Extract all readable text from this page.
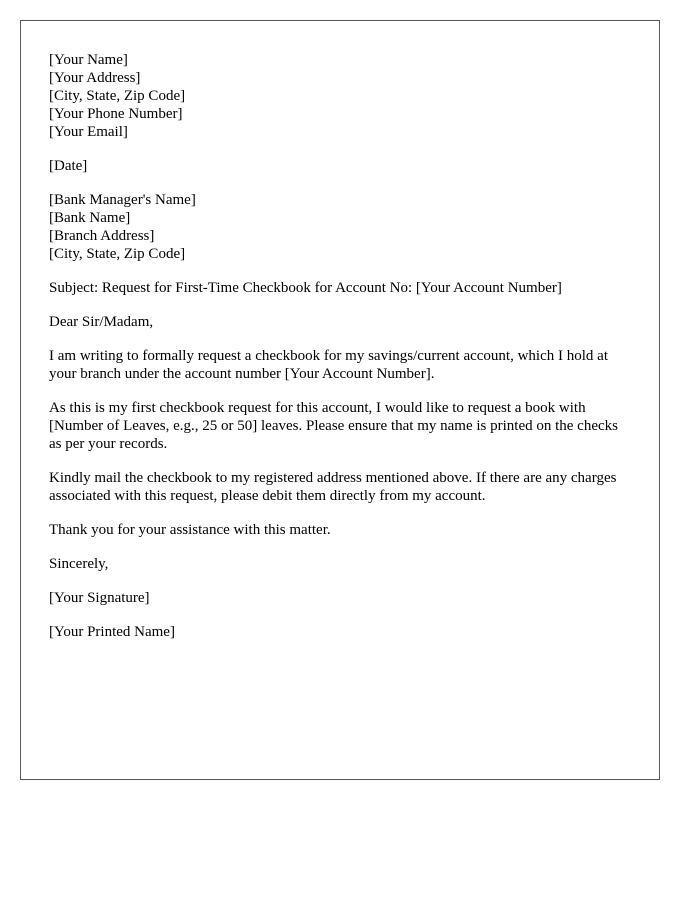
[Your Name]
[Your Address]
[City, State, Zip Code]
[Your Phone Number]
[Your Email]
[Date]
[Bank Manager's Name]
[Bank Name]
[Branch Address]
[City, State, Zip Code]

Subject: Request for First-Time Checkbook for Account No: [Your Account Number]

Dear Sir/Madam,

I am writing to formally request a checkbook for my savings/current account, which I hold at your branch under the account number [Your Account Number].

As this is my first checkbook request for this account, I would like to request a book with [Number of Leaves, e.g., 25 or 50] leaves. Please ensure that my name is printed on the checks as per your records.

Kindly mail the checkbook to my registered address mentioned above. If there are any charges associated with this request, please debit them directly from my account.

Thank you for your assistance with this matter.

Sincerely,

[Your Signature]

[Your Printed Name]
